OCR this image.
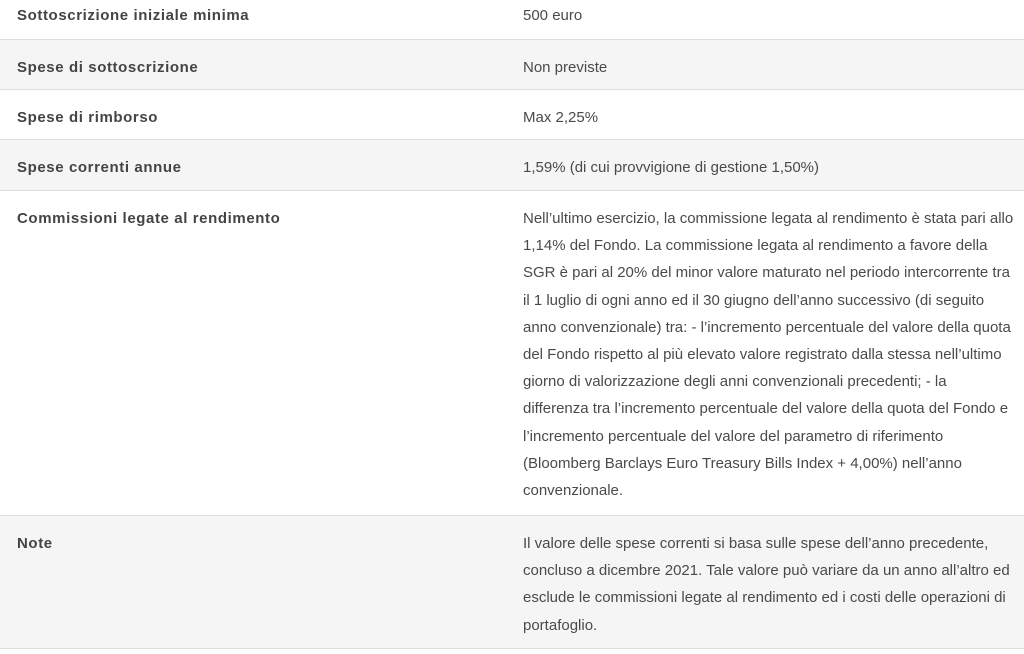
Sottoscrizione iniziale minima	500 euro
Spese di sottoscrizione	Non previste
Spese di rimborso	Max 2,25%
Spese correnti annue	1,59% (di cui provvigione di gestione 1,50%)
Commissioni legate al rendimento	Nell’ultimo esercizio, la commissione legata al rendimento è stata pari allo 1,14% del Fondo. La commissione legata al rendimento a favore della SGR è pari al 20% del minor valore maturato nel periodo intercorrente tra il 1 luglio di ogni anno ed il 30 giugno dell’anno successivo (di seguito anno convenzionale) tra: - l’incremento percentuale del valore della quota del Fondo rispetto al più elevato valore registrato dalla stessa nell’ultimo giorno di valorizzazione degli anni convenzionali precedenti; - la differenza tra l’incremento percentuale del valore della quota del Fondo e l’incremento percentuale del valore del parametro di riferimento (Bloomberg Barclays Euro Treasury Bills Index + 4,00%) nell’anno convenzionale.
Note	Il valore delle spese correnti si basa sulle spese dell’anno precedente, concluso a dicembre 2021. Tale valore può variare da un anno all’altro ed esclude le commissioni legate al rendimento ed i costi delle operazioni di portafoglio.
